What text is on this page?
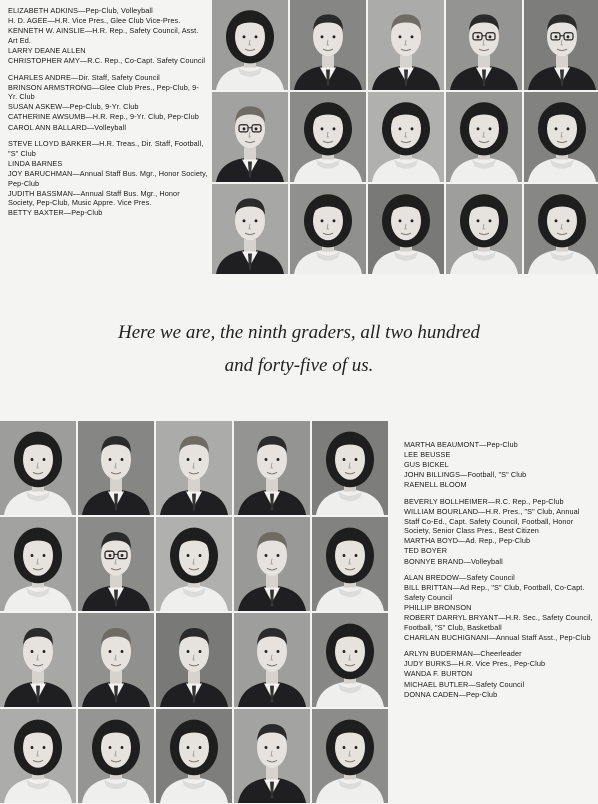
ELIZABETH ADKINS—Pep-Club, Volleyball

H. D. AGEE—H.R. Vice Pres., Glee Club Vice-Pres.

KENNETH W. AINSLIE—H.R. Rep., Safety Council, Asst. Art Ed.

LARRY DEANE ALLEN

CHRISTOPHER AMY—R.C. Rep., Co-Capt. Safety Council

CHARLES ANDRE—Dir. Staff, Safety Council

BRINSON ARMSTRONG—Glee Club Pres., Pep-Club, 9-Yr. Club

SUSAN ASKEW—Pep-Club, 9-Yr. Club

CATHERINE AWSUMB—H.R. Rep., 9-Yr. Club, Pep-Club

CAROL ANN BALLARD—Volleyball

STEVE LLOYD BARKER—H.R. Treas., Dir. Staff, Football, "S" Club

LINDA BARNES

JOY BARUCHMAN—Annual Staff Bus. Mgr., Honor Society, Pep-Club

JUDITH BASSMAN—Annual Staff Bus. Mgr., Honor Society, Pep-Club, Music Appre. Vice Pres.

BETTY BAXTER—Pep-Club

Here we are, the ninth graders, all two hundred
and forty-five of us.

MARTHA BEAUMONT—Pep-Club

LEE BEUSSE

GUS BICKEL

JOHN BILLINGS—Football, "S" Club

RAENELL BLOOM

BEVERLY BOLLHEIMER—R.C. Rep., Pep-Club

WILLIAM BOURLAND—H.R. Pres., "S" Club, Annual Staff Co-Ed., Capt. Safety Council, Football, Honor Society, Senior Class Pres., Best Citizen

MARTHA BOYD—Ad. Rep., Pep-Club

TED BOYER

BONNYE BRAND—Volleyball

ALAN BREDOW—Safety Council

BILL BRITTAN—Ad Rep., "S" Club, Football, Co-Capt. Safety Council

PHILLIP BRONSON

ROBERT DARRYL BRYANT—H.R. Sec., Safety Council, Football, "S" Club, Basketball

CHARLAN BUCHIGNANI—Annual Staff Asst., Pep-Club

ARLYN BUDERMAN—Cheerleader

JUDY BURKS—H.R. Vice Pres., Pep-Club

WANDA F. BURTON

MICHAEL BUTLER—Safety Council

DONNA CADEN—Pep-Club
